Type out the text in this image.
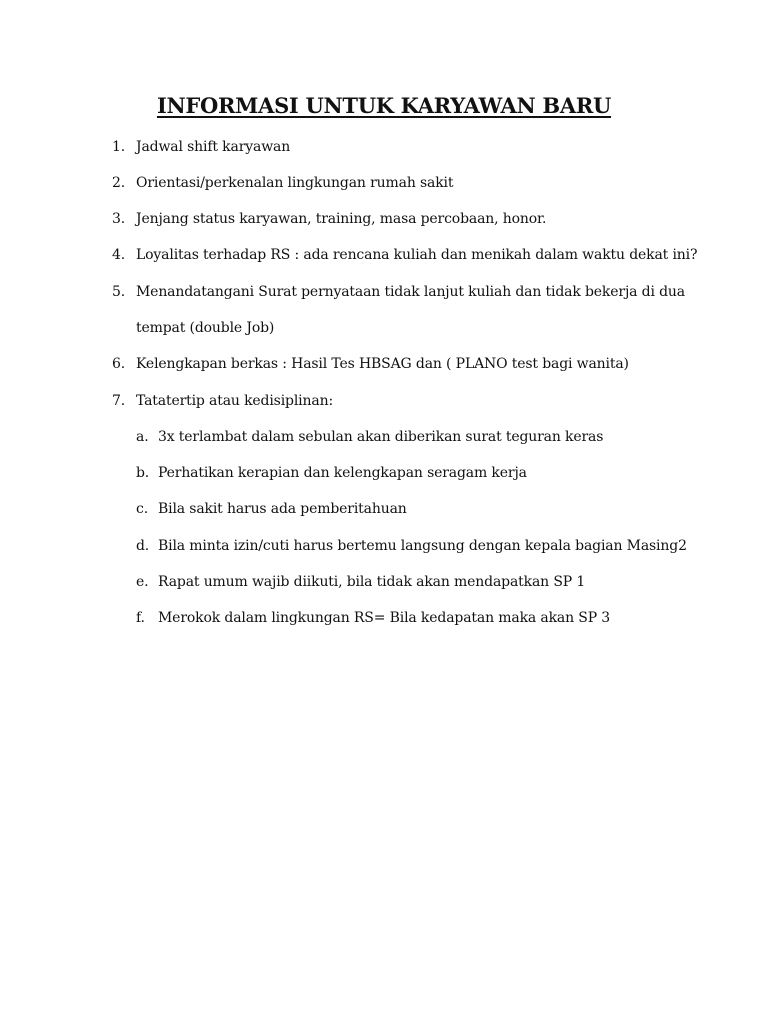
INFORMASI UNTUK KARYAWAN BARU
1. Jadwal shift karyawan
2. Orientasi/perkenalan lingkungan rumah sakit
3. Jenjang status karyawan, training, masa percobaan, honor.
4. Loyalitas terhadap RS : ada rencana kuliah dan menikah dalam waktu dekat ini?
5. Menandatangani Surat pernyataan tidak lanjut kuliah dan tidak bekerja di dua
tempat (double Job)
6. Kelengkapan berkas : Hasil Tes HBSAG dan ( PLANO test bagi wanita)
7. Tatatertip atau kedisiplinan:
a. 3x terlambat dalam sebulan akan diberikan surat teguran keras
b. Perhatikan kerapian dan kelengkapan seragam kerja
c. Bila sakit harus ada pemberitahuan
d. Bila minta izin/cuti harus bertemu langsung dengan kepala bagian Masing2
e. Rapat umum wajib diikuti, bila tidak akan mendapatkan SP 1
f. Merokok dalam lingkungan RS= Bila kedapatan maka akan SP 3
